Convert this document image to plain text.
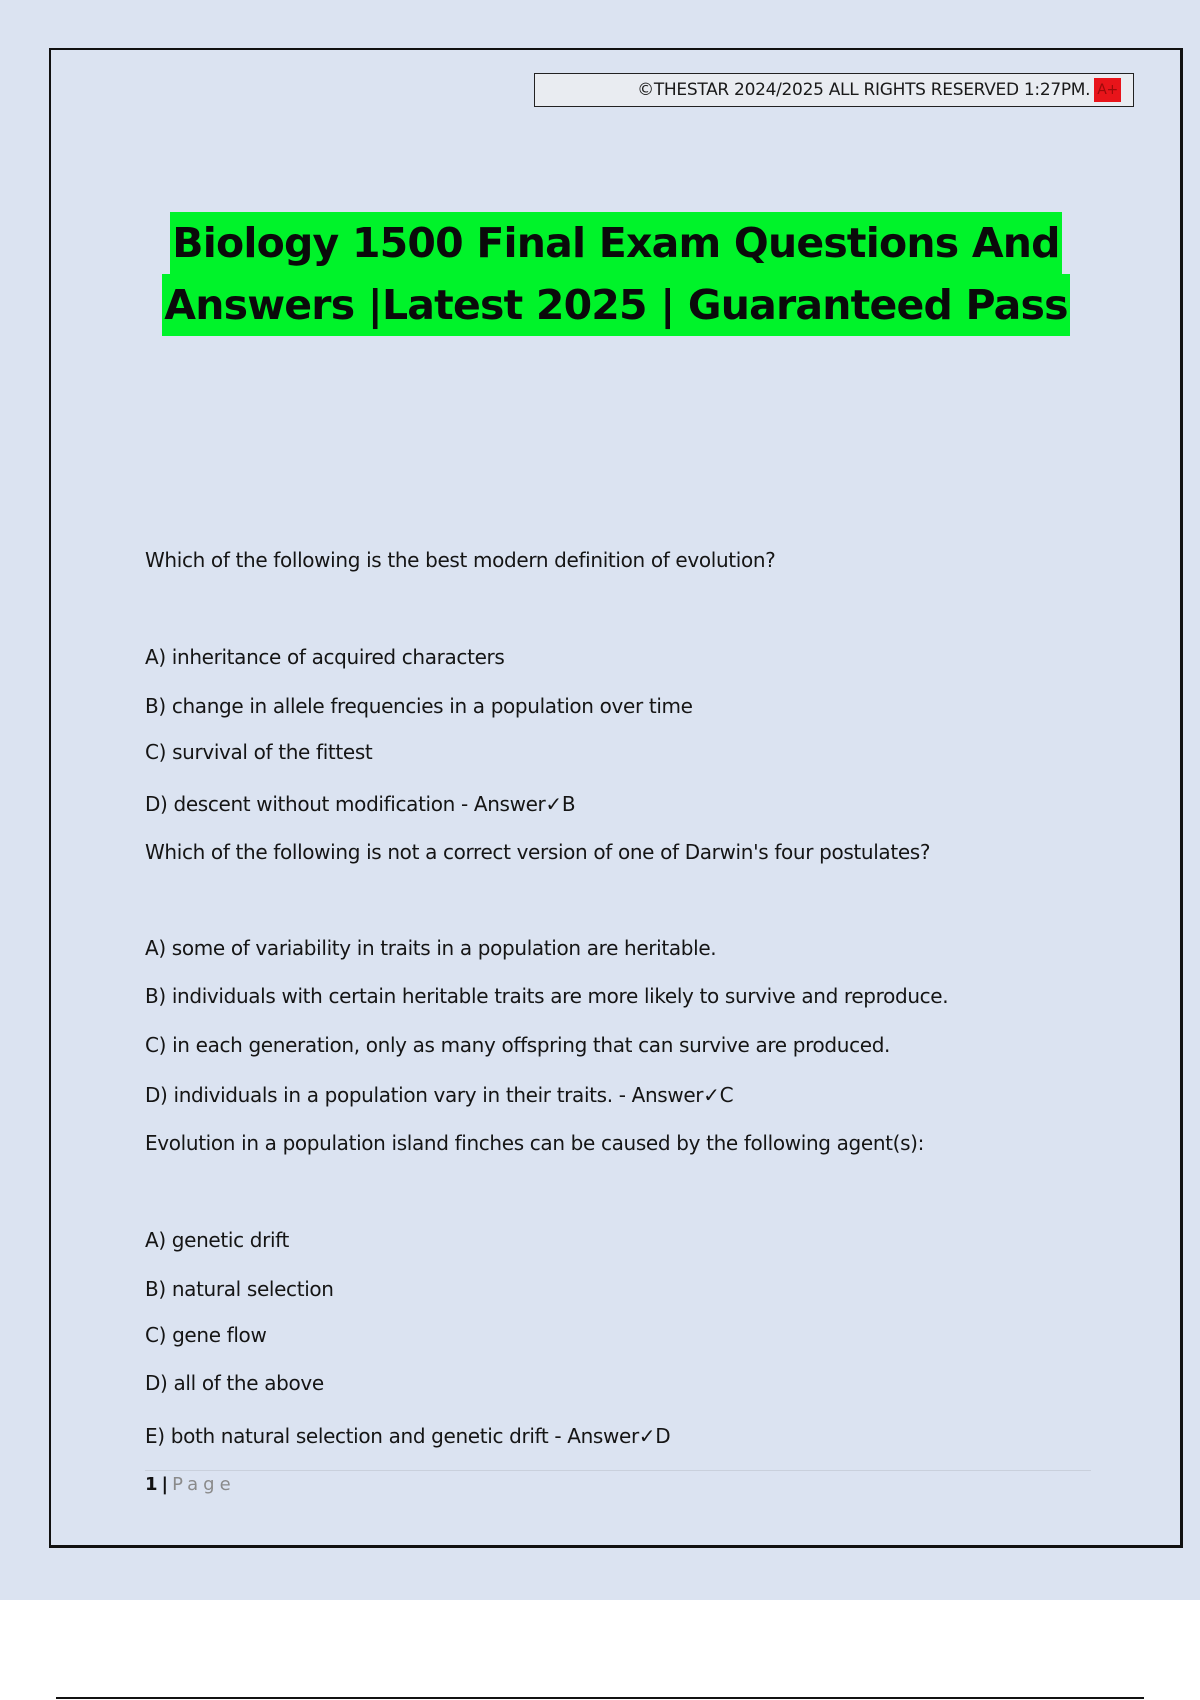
©THESTAR 2024/2025 ALL RIGHTS RESERVED 1:27PM. A+
Biology 1500 Final Exam Questions And
Answers |Latest 2025 | Guaranteed Pass
Which of the following is the best modern definition of evolution?
A) inheritance of acquired characters
B) change in allele frequencies in a population over time
C) survival of the fittest
D) descent without modification - Answer✓B
Which of the following is not a correct version of one of Darwin's four postulates?
A) some of variability in traits in a population are heritable.
B) individuals with certain heritable traits are more likely to survive and reproduce.
C) in each generation, only as many offspring that can survive are produced.
D) individuals in a population vary in their traits. - Answer✓C
Evolution in a population island finches can be caused by the following agent(s):
A) genetic drift
B) natural selection
C) gene flow
D) all of the above
E) both natural selection and genetic drift - Answer✓D
1 | Page
